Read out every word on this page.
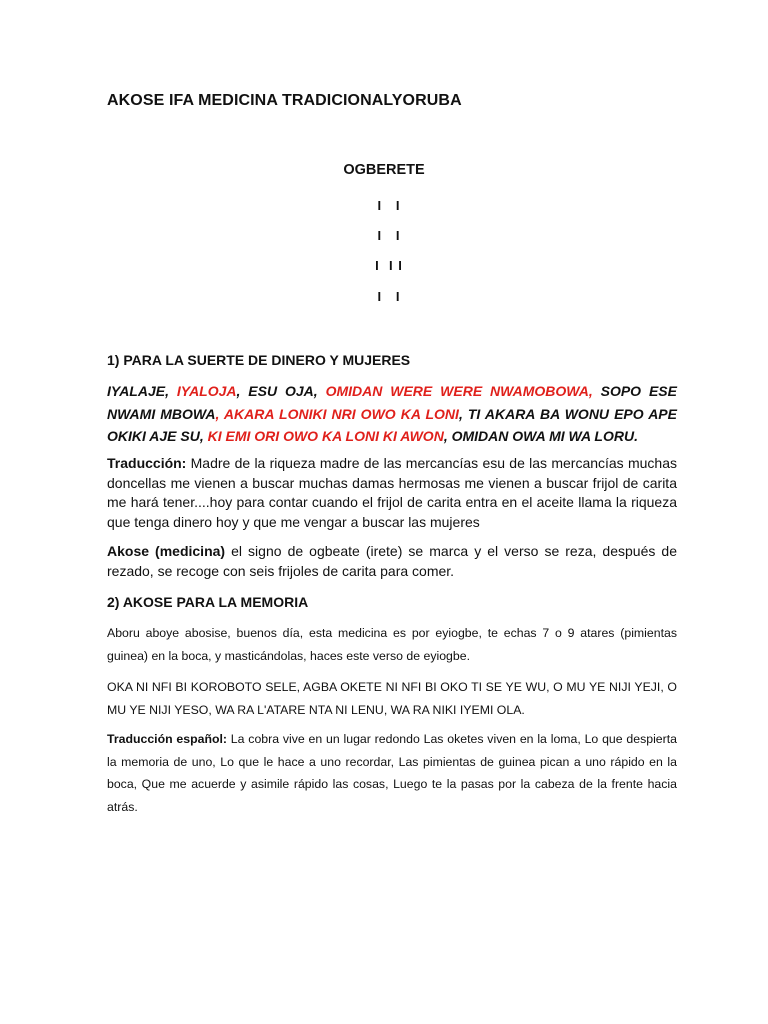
AKOSE IFA MEDICINA TRADICIONALYORUBA
OGBERETE
I   I
I   I
I  I I
I   I
1) PARA LA SUERTE DE DINERO Y MUJERES
IYALAJE, IYALOJA, ESU OJA, OMIDAN WERE WERE NWAMOBOWA, SOPO ESE NWAMI MBOWA, AKARA LONIKI NRI OWO KA LONI, TI AKARA BA WONU EPO APE OKIKI AJE SU, KI EMI ORI OWO KA LONI KI AWON, OMIDAN OWA MI WA LORU.
Traducción: Madre de la riqueza madre de las mercancías esu de las mercancías muchas doncellas me vienen a buscar muchas damas hermosas me vienen a buscar frijol de carita me hará tener....hoy para contar cuando el frijol de carita entra en el aceite llama la riqueza que tenga dinero hoy y que me vengar a buscar las mujeres
Akose (medicina) el signo de ogbeate (irete) se marca y el verso se reza, después de rezado, se recoge con seis frijoles de carita para comer.
2) AKOSE PARA LA MEMORIA
Aboru aboye abosise, buenos día, esta medicina es por eyiogbe, te echas 7 o 9 atares (pimientas guinea) en la boca, y masticándolas, haces este verso de eyiogbe.
OKA NI NFI BI KOROBOTO SELE, AGBA OKETE NI NFI BI OKO TI SE YE WU, O MU YE NIJI YEJI, O MU YE NIJI YESO, WA RA L'ATARE NTA NI LENU, WA RA NIKI IYEMI OLA.
Traducción español: La cobra vive en un lugar redondo Las oketes viven en la loma, Lo que despierta la memoria de uno, Lo que le hace a uno recordar, Las pimientas de guinea pican a uno rápido en la boca, Que me acuerde y asimile rápido las cosas, Luego te la pasas por la cabeza de la frente hacia atrás.
